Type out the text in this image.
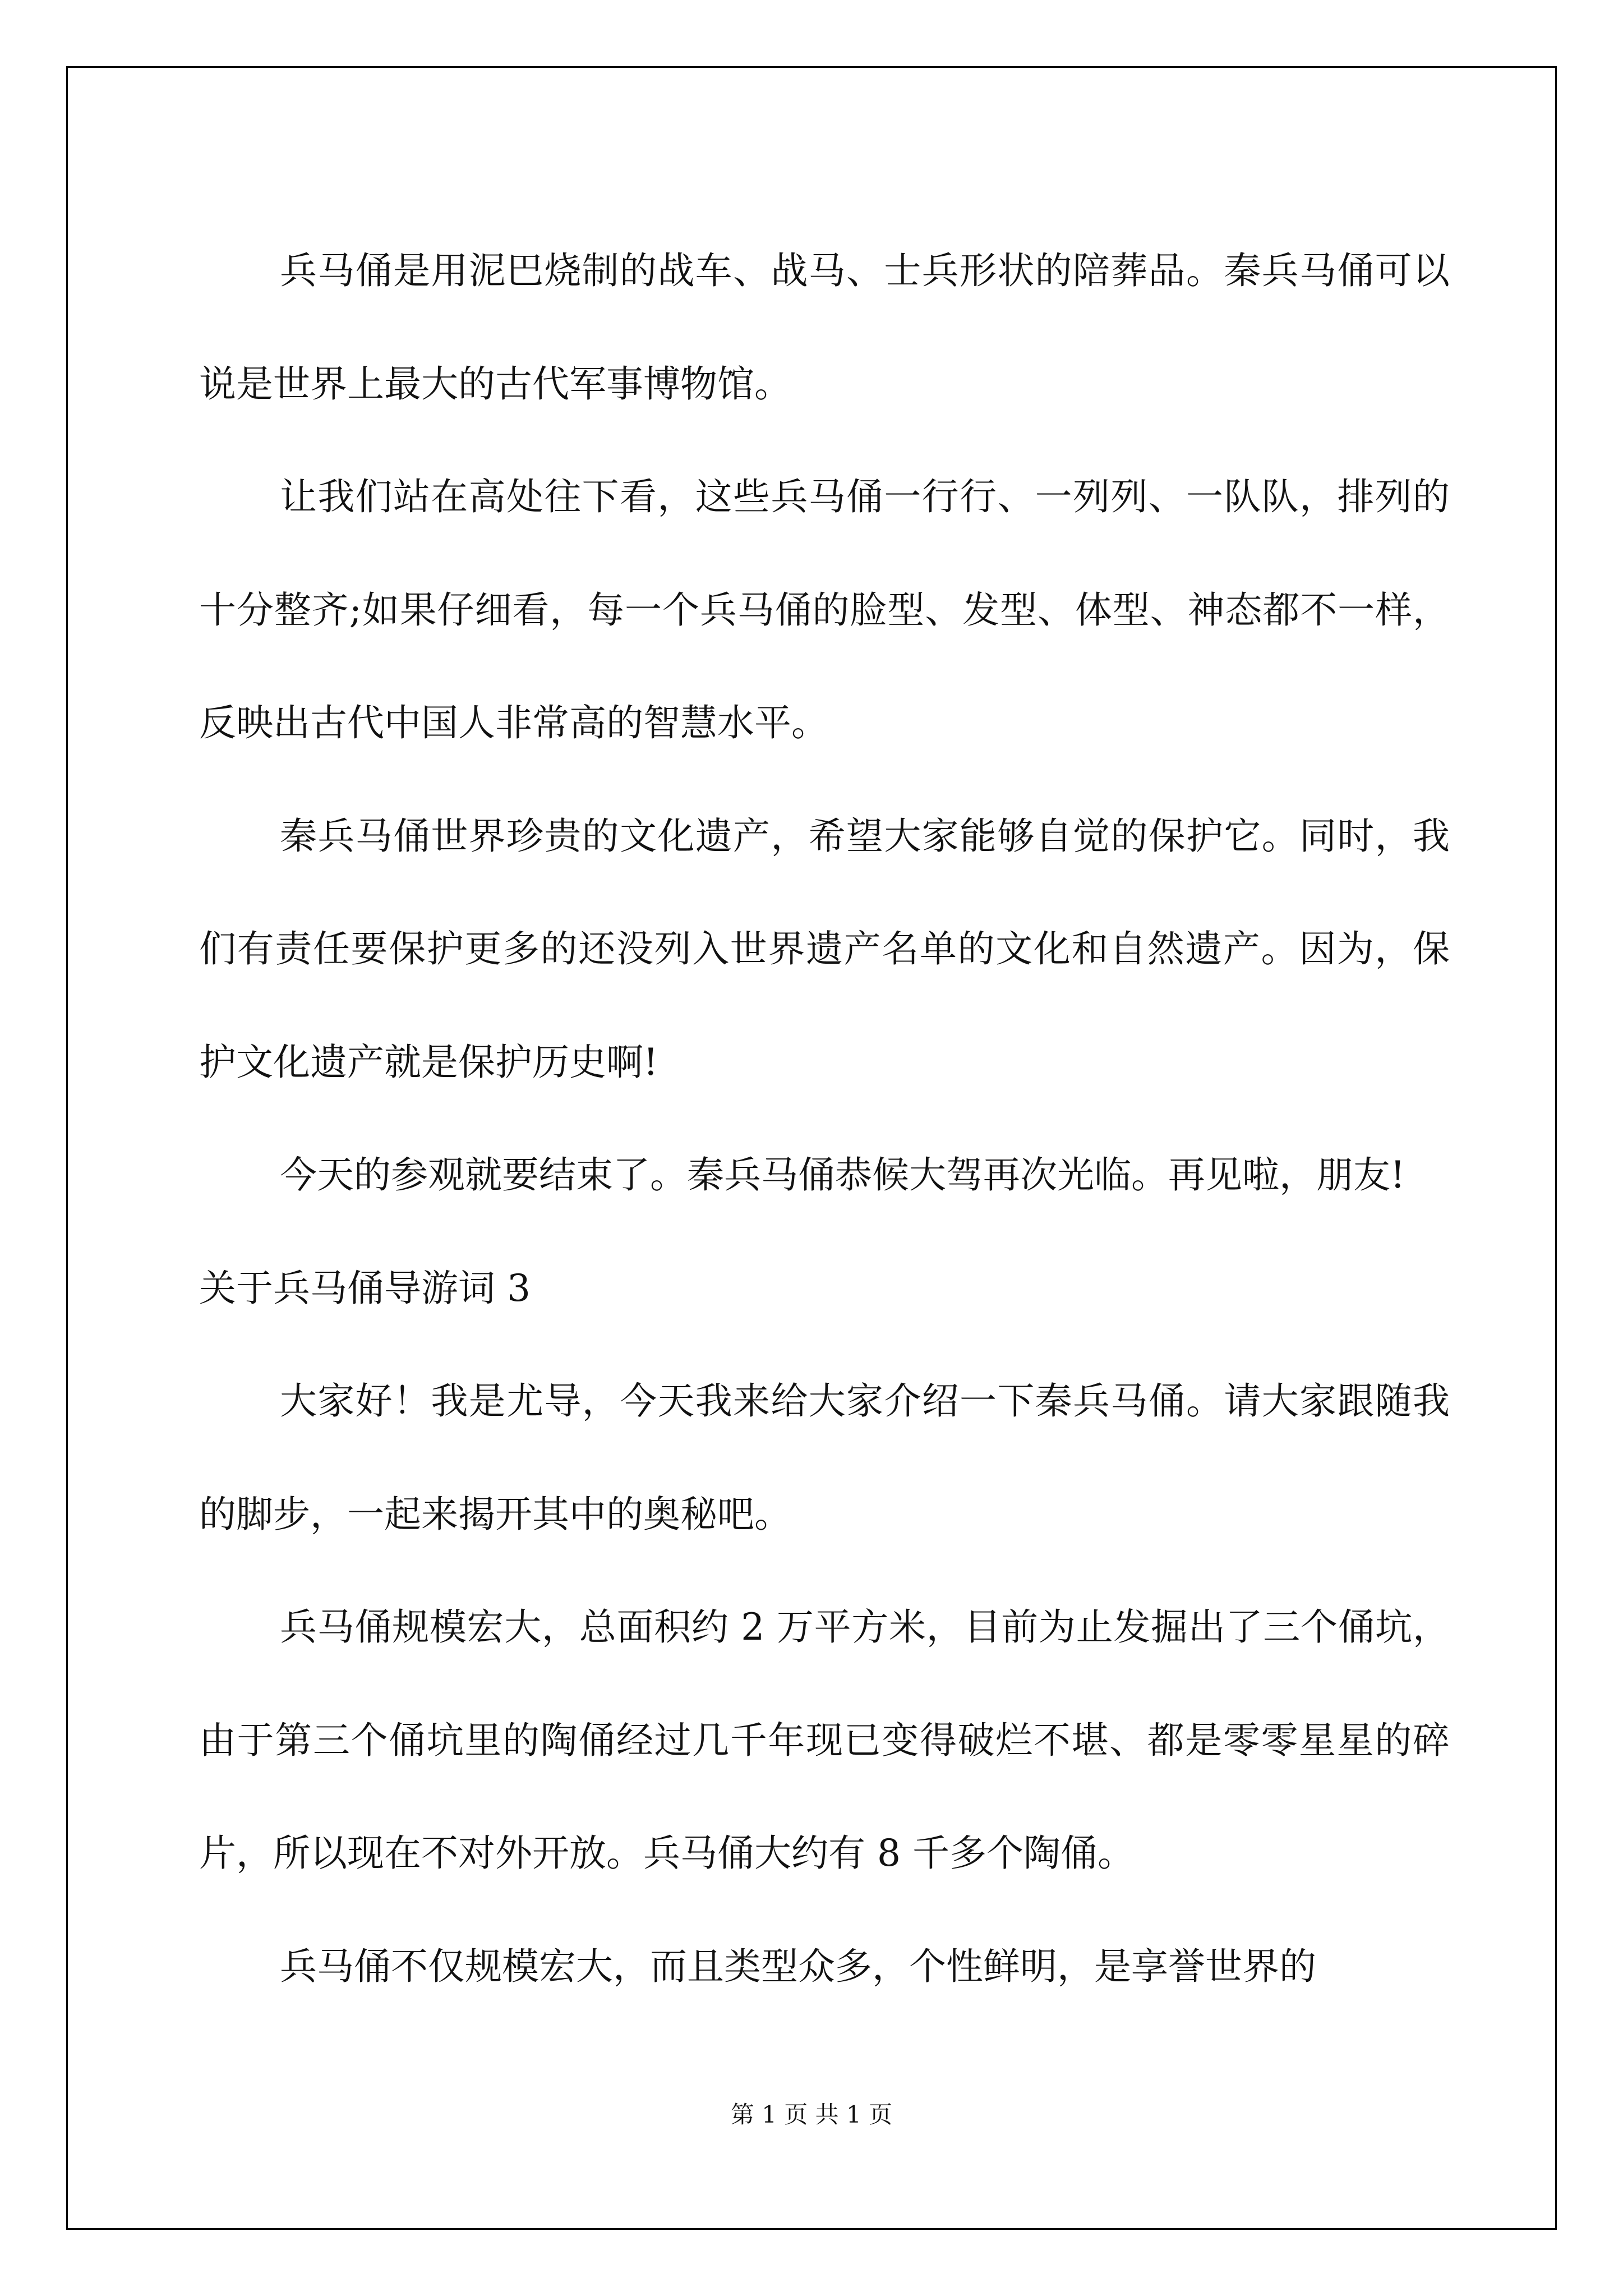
兵马俑是用泥巴烧制的战车、战马、士兵形状的陪葬品。秦兵马俑可以说是世界上最大的古代军事博物馆。

让我们站在高处往下看，这些兵马俑一行行、一列列、一队队，排列的十分整齐;如果仔细看，每一个兵马俑的脸型、发型、体型、神态都不一样，反映出古代中国人非常高的智慧水平。

秦兵马俑世界珍贵的文化遗产，希望大家能够自觉的保护它。同时，我们有责任要保护更多的还没列入世界遗产名单的文化和自然遗产。因为，保护文化遗产就是保护历史啊!

今天的参观就要结束了。秦兵马俑恭候大驾再次光临。再见啦，朋友!

关于兵马俑导游词 3

大家好！我是尤导，今天我来给大家介绍一下秦兵马俑。请大家跟随我的脚步，一起来揭开其中的奥秘吧。

兵马俑规模宏大，总面积约 2 万平方米，目前为止发掘出了三个俑坑，由于第三个俑坑里的陶俑经过几千年现已变得破烂不堪、都是零零星星的碎片，所以现在不对外开放。兵马俑大约有 8 千多个陶俑。

兵马俑不仅规模宏大，而且类型众多，个性鲜明，是享誉世界的

第 1 页 共 1 页
